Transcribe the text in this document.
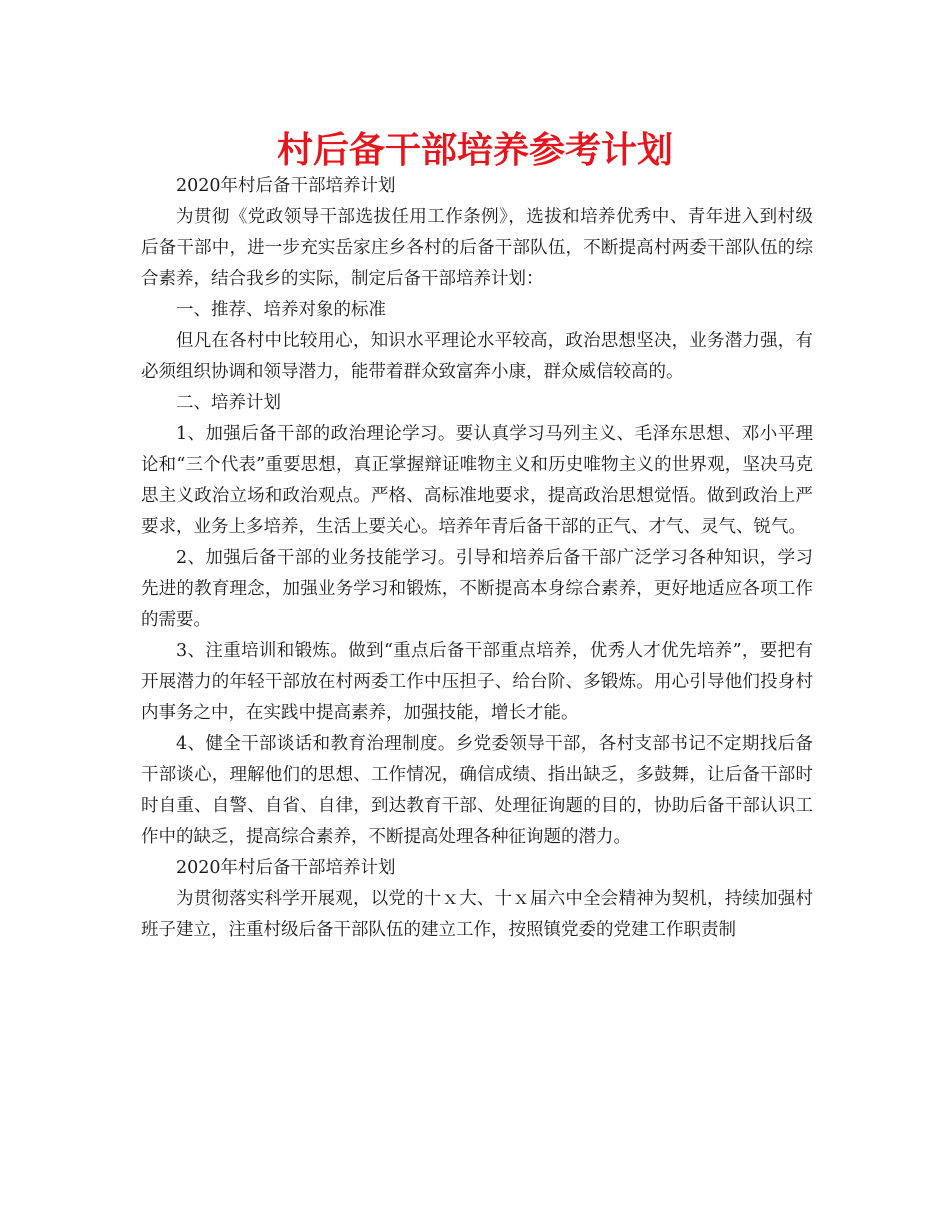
村后备干部培养参考计划

2020年村后备干部培养计划

为贯彻《党政领导干部选拔任用工作条例》，选拔和培养优秀中、青年进入到村级后备干部中，进一步充实岳家庄乡各村的后备干部队伍，不断提高村两委干部队伍的综合素养，结合我乡的实际，制定后备干部培养计划：

一、推荐、培养对象的标准

但凡在各村中比较用心，知识水平理论水平较高，政治思想坚决，业务潜力强，有必须组织协调和领导潜力，能带着群众致富奔小康，群众威信较高的。

二、培养计划

1、加强后备干部的政治理论学习。要认真学习马列主义、毛泽东思想、邓小平理论和“三个代表”重要思想，真正掌握辩证唯物主义和历史唯物主义的世界观，坚决马克思主义政治立场和政治观点。严格、高标准地要求，提高政治思想觉悟。做到政治上严要求，业务上多培养，生活上要关心。培养年青后备干部的正气、才气、灵气、锐气。

2、加强后备干部的业务技能学习。引导和培养后备干部广泛学习各种知识，学习先进的教育理念，加强业务学习和锻炼，不断提高本身综合素养，更好地适应各项工作的需要。

3、注重培训和锻炼。做到“重点后备干部重点培养，优秀人才优先培养”，要把有开展潜力的年轻干部放在村两委工作中压担子、给台阶、多锻炼。用心引导他们投身村内事务之中，在实践中提高素养，加强技能，增长才能。

4、健全干部谈话和教育治理制度。乡党委领导干部，各村支部书记不定期找后备干部谈心，理解他们的思想、工作情况，确信成绩、指出缺乏，多鼓舞，让后备干部时时自重、自警、自省、自律，到达教育干部、处理征询题的目的，协助后备干部认识工作中的缺乏，提高综合素养，不断提高处理各种征询题的潜力。

2020年村后备干部培养计划

为贯彻落实科学开展观，以党的十ｘ大、十ｘ届六中全会精神为契机，持续加强村班子建立，注重村级后备干部队伍的建立工作，按照镇党委的党建工作职责制
